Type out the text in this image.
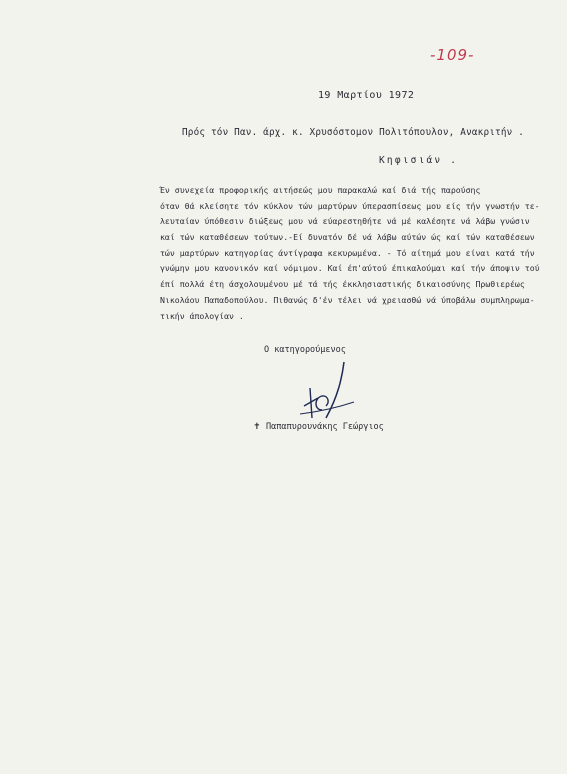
-109-
19 Μαρτίου 1972
Πρός τόν Παν. άρχ. κ. Χρυσόστομον Πολιτόπουλον, Ανακριτήν .
Κηφισιάν .
Έν συνεχεία προφορικής αιτήσεώς μου παρακαλώ καί διά τής παρούσης
όταν θά κλείσητε τόν κύκλον τών μαρτύρων ύπερασπίσεως μου είς τήν γνωστήν τε-
λευταίαν ύπόθεσιν διώξεως μου νά εύαρεστηθήτε νά μέ καλέσητε νά λάβω γνώσιν
καί τών καταθέσεων τούτων.-Εί δυνατόν δέ νά λάβω αύτών ώς καί τών καταθέσεων
τών μαρτύρων κατηγορίας άντίγραφα κεκυρωμένα. - Τό αίτημά μου είναι κατά τήν
γνώμην μου κανονικόν καί νόμιμον. Καί έπ'αύτού έπικαλούμαι καί τήν άποψιν τού
έπί πολλά έτη άσχολουμένου μέ τά τής έκκλησιαστικής δικαιοσύνης Πρωθιερέως
Νικολάου Παπαδοπούλου. Πιθανώς δ'έν τέλει νά χρειασθώ νά ύποβάλω συμπληρωμα-
τικήν άπολογίαν .
Ο κατηγορούμενος
✝ Παπαπυρουνάκης Γεώργιος
